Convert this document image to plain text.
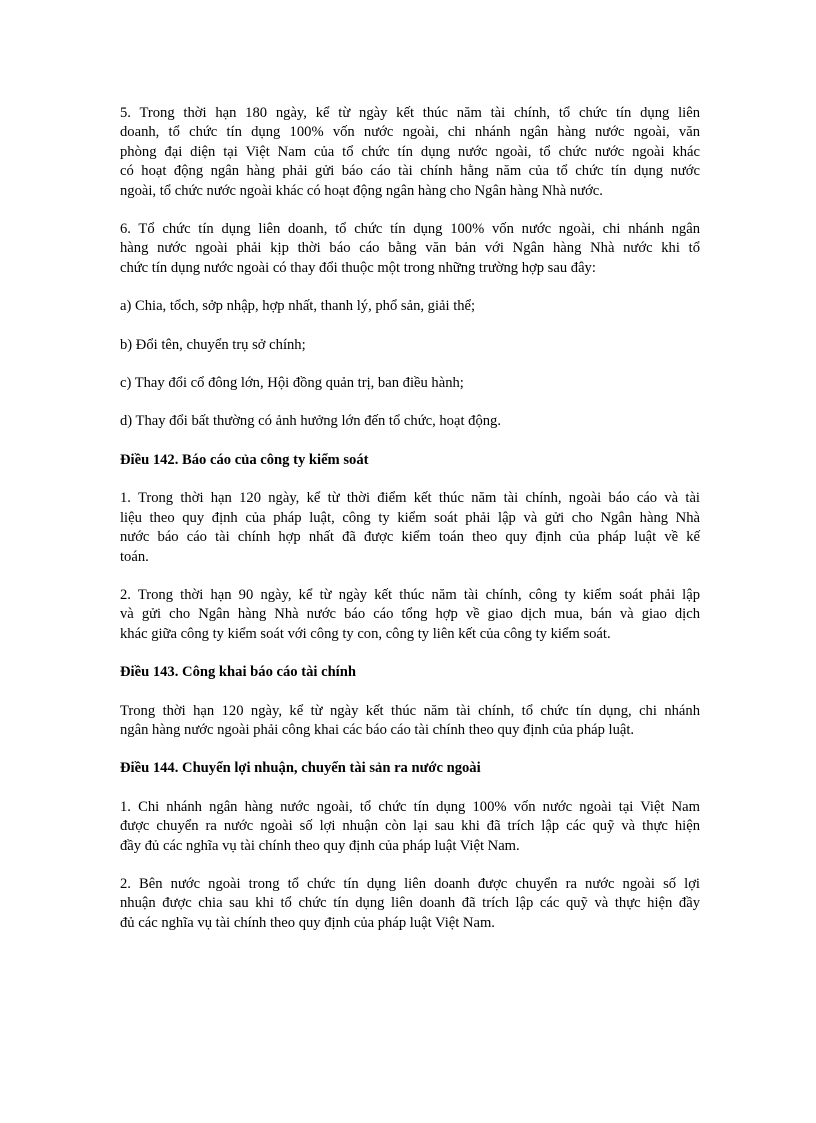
5. Trong thời hạn 180 ngày, kể từ ngày kết thúc năm tài chính, tổ chức tín dụng liên
doanh, tổ chức tín dụng 100% vốn nước ngoài, chi nhánh ngân hàng nước ngoài, văn
phòng đại diện tại Việt Nam của tổ chức tín dụng nước ngoài, tổ chức nước ngoài khác
có hoạt động ngân hàng phải gửi báo cáo tài chính hằng năm của tổ chức tín dụng nước
ngoài, tổ chức nước ngoài khác có hoạt động ngân hàng cho Ngân hàng Nhà nước.
6. Tổ chức tín dụng liên doanh, tổ chức tín dụng 100% vốn nước ngoài, chi nhánh ngân
hàng nước ngoài phải kịp thời báo cáo bằng văn bản với Ngân hàng Nhà nước khi tổ
chức tín dụng nước ngoài có thay đổi thuộc một trong những trường hợp sau đây:
a) Chia, tổch, sởp nhập, hợp nhất, thanh lý, phổ sản, giải thể;
b) Đổi tên, chuyển trụ sở chính;
c) Thay đổi cổ đông lớn, Hội đồng quản trị, ban điều hành;
d) Thay đổi bất thường có ảnh hưởng lớn đến tổ chức, hoạt động.
Điều 142. Báo cáo của công ty kiểm soát
1. Trong thời hạn 120 ngày, kể từ thời điểm kết thúc năm tài chính, ngoài báo cáo và tài
liệu theo quy định của pháp luật, công ty kiểm soát phải lập và gửi cho Ngân hàng Nhà
nước báo cáo tài chính hợp nhất đã được kiểm toán theo quy định của pháp luật về kế
toán.
2. Trong thời hạn 90 ngày, kể từ ngày kết thúc năm tài chính, công ty kiểm soát phải lập
và gửi cho Ngân hàng Nhà nước báo cáo tổng hợp về giao dịch mua, bán và giao dịch
khác giữa công ty kiểm soát với công ty con, công ty liên kết của công ty kiểm soát.
Điều 143. Công khai báo cáo tài chính
Trong thời hạn 120 ngày, kể từ ngày kết thúc năm tài chính, tổ chức tín dụng, chi nhánh
ngân hàng nước ngoài phải công khai các báo cáo tài chính theo quy định của pháp luật.
Điều 144. Chuyển lợi nhuận, chuyển tài sản ra nước ngoài
1. Chi nhánh ngân hàng nước ngoài, tổ chức tín dụng 100% vốn nước ngoài tại Việt Nam
được chuyển ra nước ngoài số lợi nhuận còn lại sau khi đã trích lập các quỹ và thực hiện
đầy đủ các nghĩa vụ tài chính theo quy định của pháp luật Việt Nam.
2. Bên nước ngoài trong tổ chức tín dụng liên doanh được chuyển ra nước ngoài số lợi
nhuận được chia sau khi tổ chức tín dụng liên doanh đã trích lập các quỹ và thực hiện đầy
đủ các nghĩa vụ tài chính theo quy định của pháp luật Việt Nam.
